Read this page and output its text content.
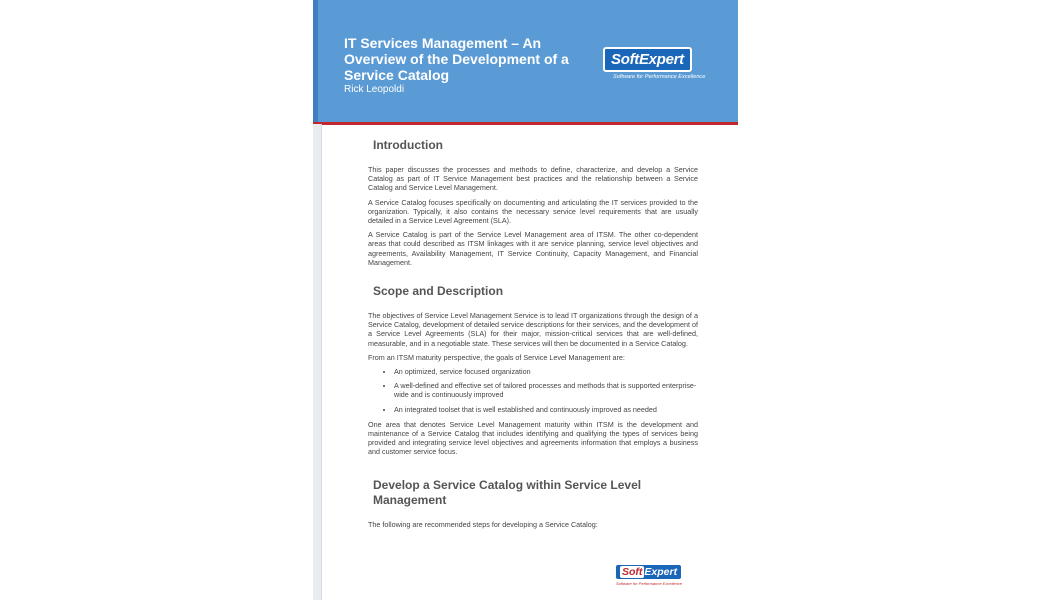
IT Services Management – An Overview of the Development of a Service Catalog
Rick Leopoldi
SoftExpert
Software for Performance Excellence
Introduction

This paper discusses the processes and methods to define, characterize, and develop a Service Catalog as part of IT Service Management best practices and the relationship between a Service Catalog and Service Level Management.

A Service Catalog focuses specifically on documenting and articulating the IT services provided to the organization. Typically, it also contains the necessary service level requirements that are usually detailed in a Service Level Agreement (SLA).

A Service Catalog is part of the Service Level Management area of ITSM. The other co-dependent areas that could described as ITSM linkages with it are service planning, service level objectives and agreements, Availability Management, IT Service Continuity, Capacity Management, and Financial Management.

Scope and Description

The objectives of Service Level Management Service is to lead IT organizations through the design of a Service Catalog, development of detailed service descriptions for their services, and the development of a Service Level Agreements (SLA) for their major, mission-critical services that are well-defined, measurable, and in a negotiable state. These services will then be documented in a Service Catalog.

From an ITSM maturity perspective, the goals of Service Level Management are:

• An optimized, service focused organization
• A well-defined and effective set of tailored processes and methods that is supported enterprise-wide and is continuously improved
• An integrated toolset that is well established and continuously improved as needed

One area that denotes Service Level Management maturity within ITSM is the development and maintenance of a Service Catalog that includes identifying and qualifying the types of services being provided and integrating service level objectives and agreements information that employs a business and customer service focus.

Develop a Service Catalog within Service Level Management

The following are recommended steps for developing a Service Catalog:

Soft Expert
Software for Performance Excellence
